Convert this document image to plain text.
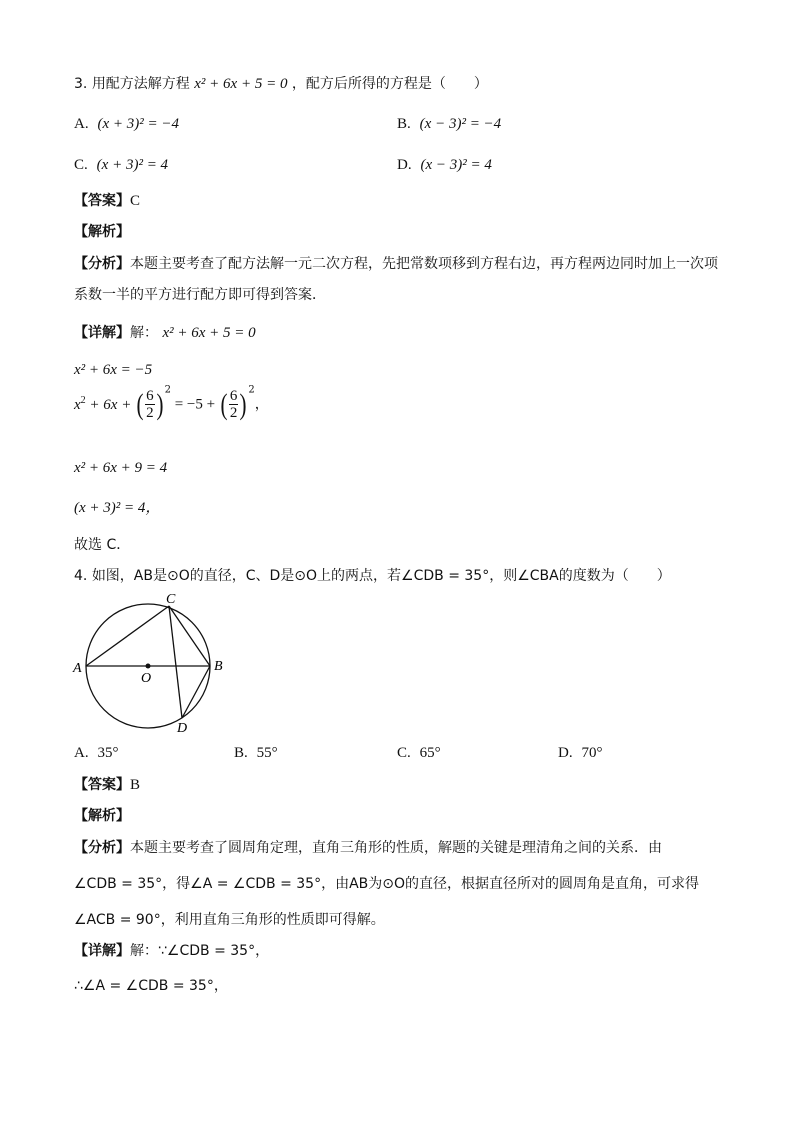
3. 用配方法解方程 x² + 6x + 5 = 0 ，配方后所得的方程是（　　）
A. (x + 3)² = −4	B. (x − 3)² = −4
C. (x + 3)² = 4	D. (x − 3)² = 4
【答案】C
【解析】
【分析】本题主要考查了配方法解一元二次方程，先把常数项移到方程右边，再方程两边同时加上一次项
系数一半的平方进行配方即可得到答案．
【详解】解： x² + 6x + 5 = 0
x² + 6x = −5
$x^2 + 6x$ + ( $\frac{6}{2}$ ) $^2$ = −5 + ( $\frac{6}{2}$ ) $^2$，
x² + 6x + 9 = 4
(x + 3)² = 4，
故选 C．
4. 如图，AB是⊙O的直径，C、D是⊙O上的两点，若∠CDB = 35°，则∠CBA的度数为（　　）
A	B
C
D
O
A. 35°	B. 55°	C. 65°	D. 70°
【答案】B
【解析】
【分析】本题主要考查了圆周角定理，直角三角形的性质，解题的关键是理清角之间的关系．由
∠CDB = 35°，得∠A = ∠CDB = 35°，由AB为⊙O的直径，根据直径所对的圆周角是直角，可求得
∠ACB = 90°，利用直角三角形的性质即可得解。
【详解】解：∵∠CDB = 35°，
∴∠A = ∠CDB = 35°，
